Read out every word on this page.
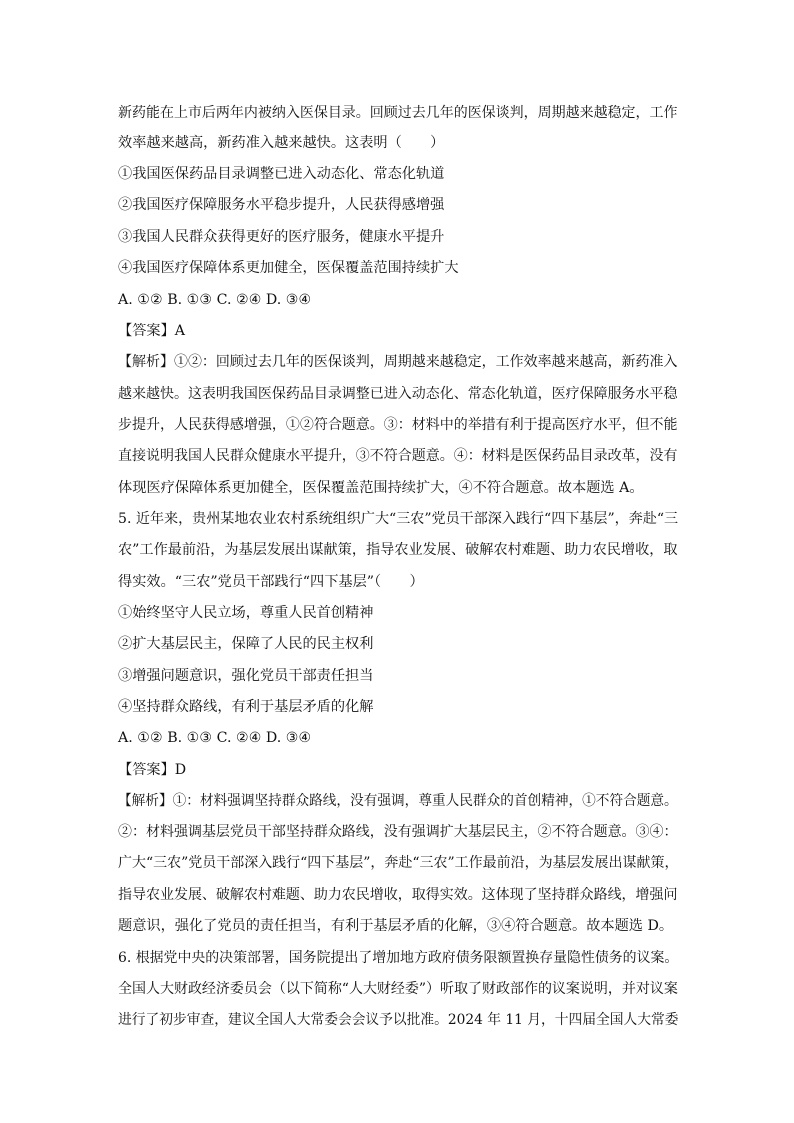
新药能在上市后两年内被纳入医保目录。回顾过去几年的医保谈判，周期越来越稳定，工作
效率越来越高，新药准入越来越快。这表明（　　）
①我国医保药品目录调整已进入动态化、常态化轨道
②我国医疗保障服务水平稳步提升，人民获得感增强
③我国人民群众获得更好的医疗服务，健康水平提升
④我国医疗保障体系更加健全，医保覆盖范围持续扩大
A. ①② B. ①③ C. ②④ D. ③④
【答案】A
【解析】①②：回顾过去几年的医保谈判，周期越来越稳定，工作效率越来越高，新药准入
越来越快。这表明我国医保药品目录调整已进入动态化、常态化轨道，医疗保障服务水平稳
步提升，人民获得感增强，①②符合题意。③：材料中的举措有利于提高医疗水平，但不能
直接说明我国人民群众健康水平提升，③不符合题意。④：材料是医保药品目录改革，没有
体现医疗保障体系更加健全，医保覆盖范围持续扩大，④不符合题意。故本题选 A。
5. 近年来，贵州某地农业农村系统组织广大“三农”党员干部深入践行“四下基层”，奔赴“三
农”工作最前沿，为基层发展出谋献策，指导农业发展、破解农村难题、助力农民增收，取
得实效。“三农”党员干部践行“四下基层”（　　）
①始终坚守人民立场，尊重人民首创精神
②扩大基层民主，保障了人民的民主权利
③增强问题意识，强化党员干部责任担当
④坚持群众路线，有利于基层矛盾的化解
A. ①② B. ①③ C. ②④ D. ③④
【答案】D
【解析】①：材料强调坚持群众路线，没有强调，尊重人民群众的首创精神，①不符合题意。
②：材料强调基层党员干部坚持群众路线，没有强调扩大基层民主，②不符合题意。③④：
广大“三农”党员干部深入践行“四下基层”，奔赴“三农”工作最前沿，为基层发展出谋献策，
指导农业发展、破解农村难题、助力农民增收，取得实效。这体现了坚持群众路线，增强问
题意识，强化了党员的责任担当，有利于基层矛盾的化解，③④符合题意。故本题选 D。
6. 根据党中央的决策部署，国务院提出了增加地方政府债务限额置换存量隐性债务的议案。
全国人大财政经济委员会（以下简称“人大财经委”）听取了财政部作的议案说明，并对议案
进行了初步审查，建议全国人大常委会会议予以批准。2024 年 11 月，十四届全国人大常委
